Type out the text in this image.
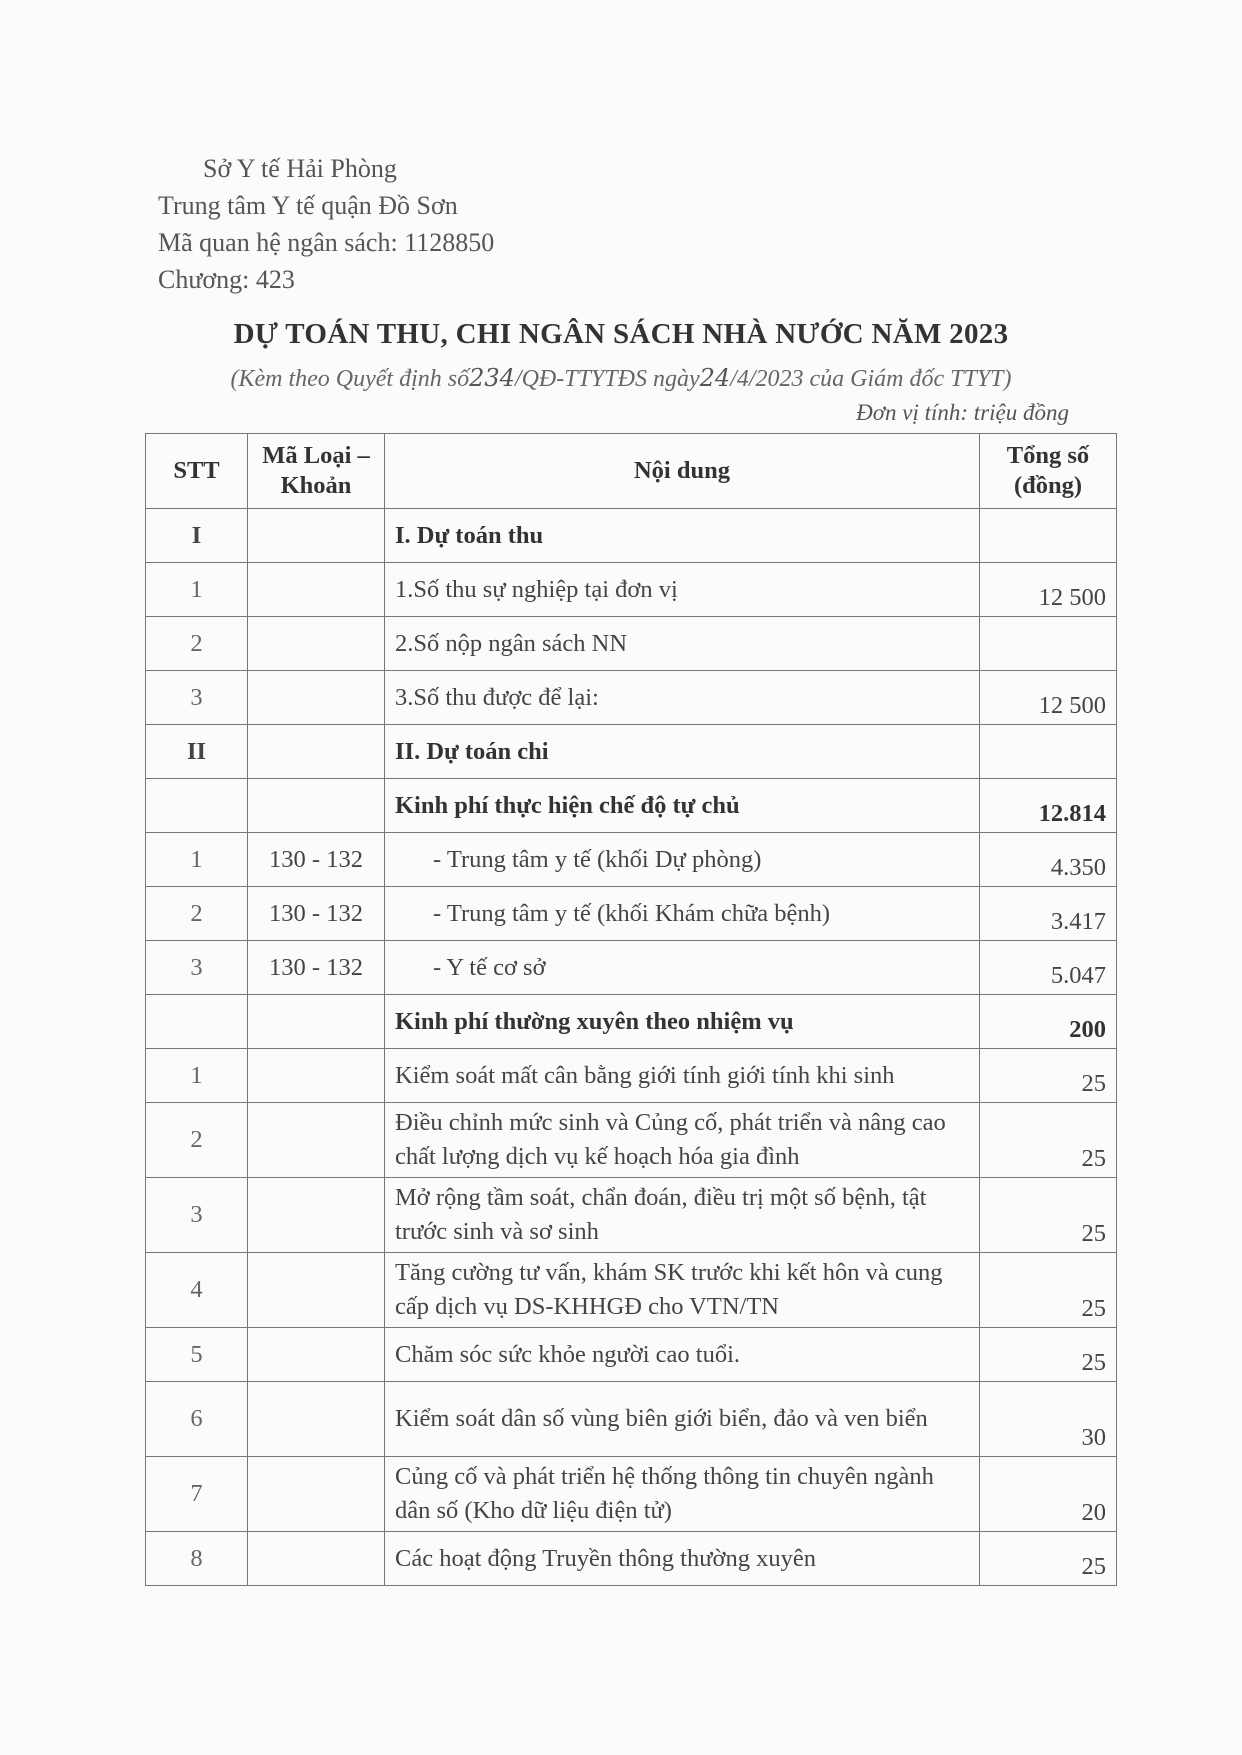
Sở Y tế Hải Phòng
Trung tâm Y tế quận Đồ Sơn
Mã quan hệ ngân sách: 1128850
Chương: 423
DỰ TOÁN THU, CHI NGÂN SÁCH NHÀ NƯỚC NĂM 2023
(Kèm theo Quyết định số234/QĐ-TTYTĐS ngày24/4/2023 của Giám đốc TTYT)
Đơn vị tính: triệu đồng
STT	Mã Loại – Khoản	Nội dung	Tổng số (đồng)
I		I. Dự toán thu	
1		1.Số thu sự nghiệp tại đơn vị	12 500
2		2.Số nộp ngân sách NN	
3		3.Số thu được để lại:	12 500
II		II. Dự toán chi	
		Kinh phí thực hiện chế độ tự chủ	12.814
1	130 - 132	- Trung tâm y tế (khối Dự phòng)	4.350
2	130 - 132	- Trung tâm y tế (khối Khám chữa bệnh)	3.417
3	130 - 132	- Y tế cơ sở	5.047
		Kinh phí thường xuyên theo nhiệm vụ	200
1		Kiểm soát mất cân bằng giới tính giới tính khi sinh	25
2		Điều chỉnh mức sinh và Củng cố, phát triển và nâng cao chất lượng dịch vụ kế hoạch hóa gia đình	25
3		Mở rộng tầm soát, chẩn đoán, điều trị một số bệnh, tật trước sinh và sơ sinh	25
4		Tăng cường tư vấn, khám SK trước khi kết hôn và cung cấp dịch vụ DS-KHHGĐ cho VTN/TN	25
5		Chăm sóc sức khỏe người cao tuổi.	25
6		Kiểm soát dân số vùng biên giới biển, đảo và ven biển	30
7		Củng cố và phát triển hệ thống thông tin chuyên ngành dân số (Kho dữ liệu điện tử)	20
8		Các hoạt động Truyền thông thường xuyên	25
